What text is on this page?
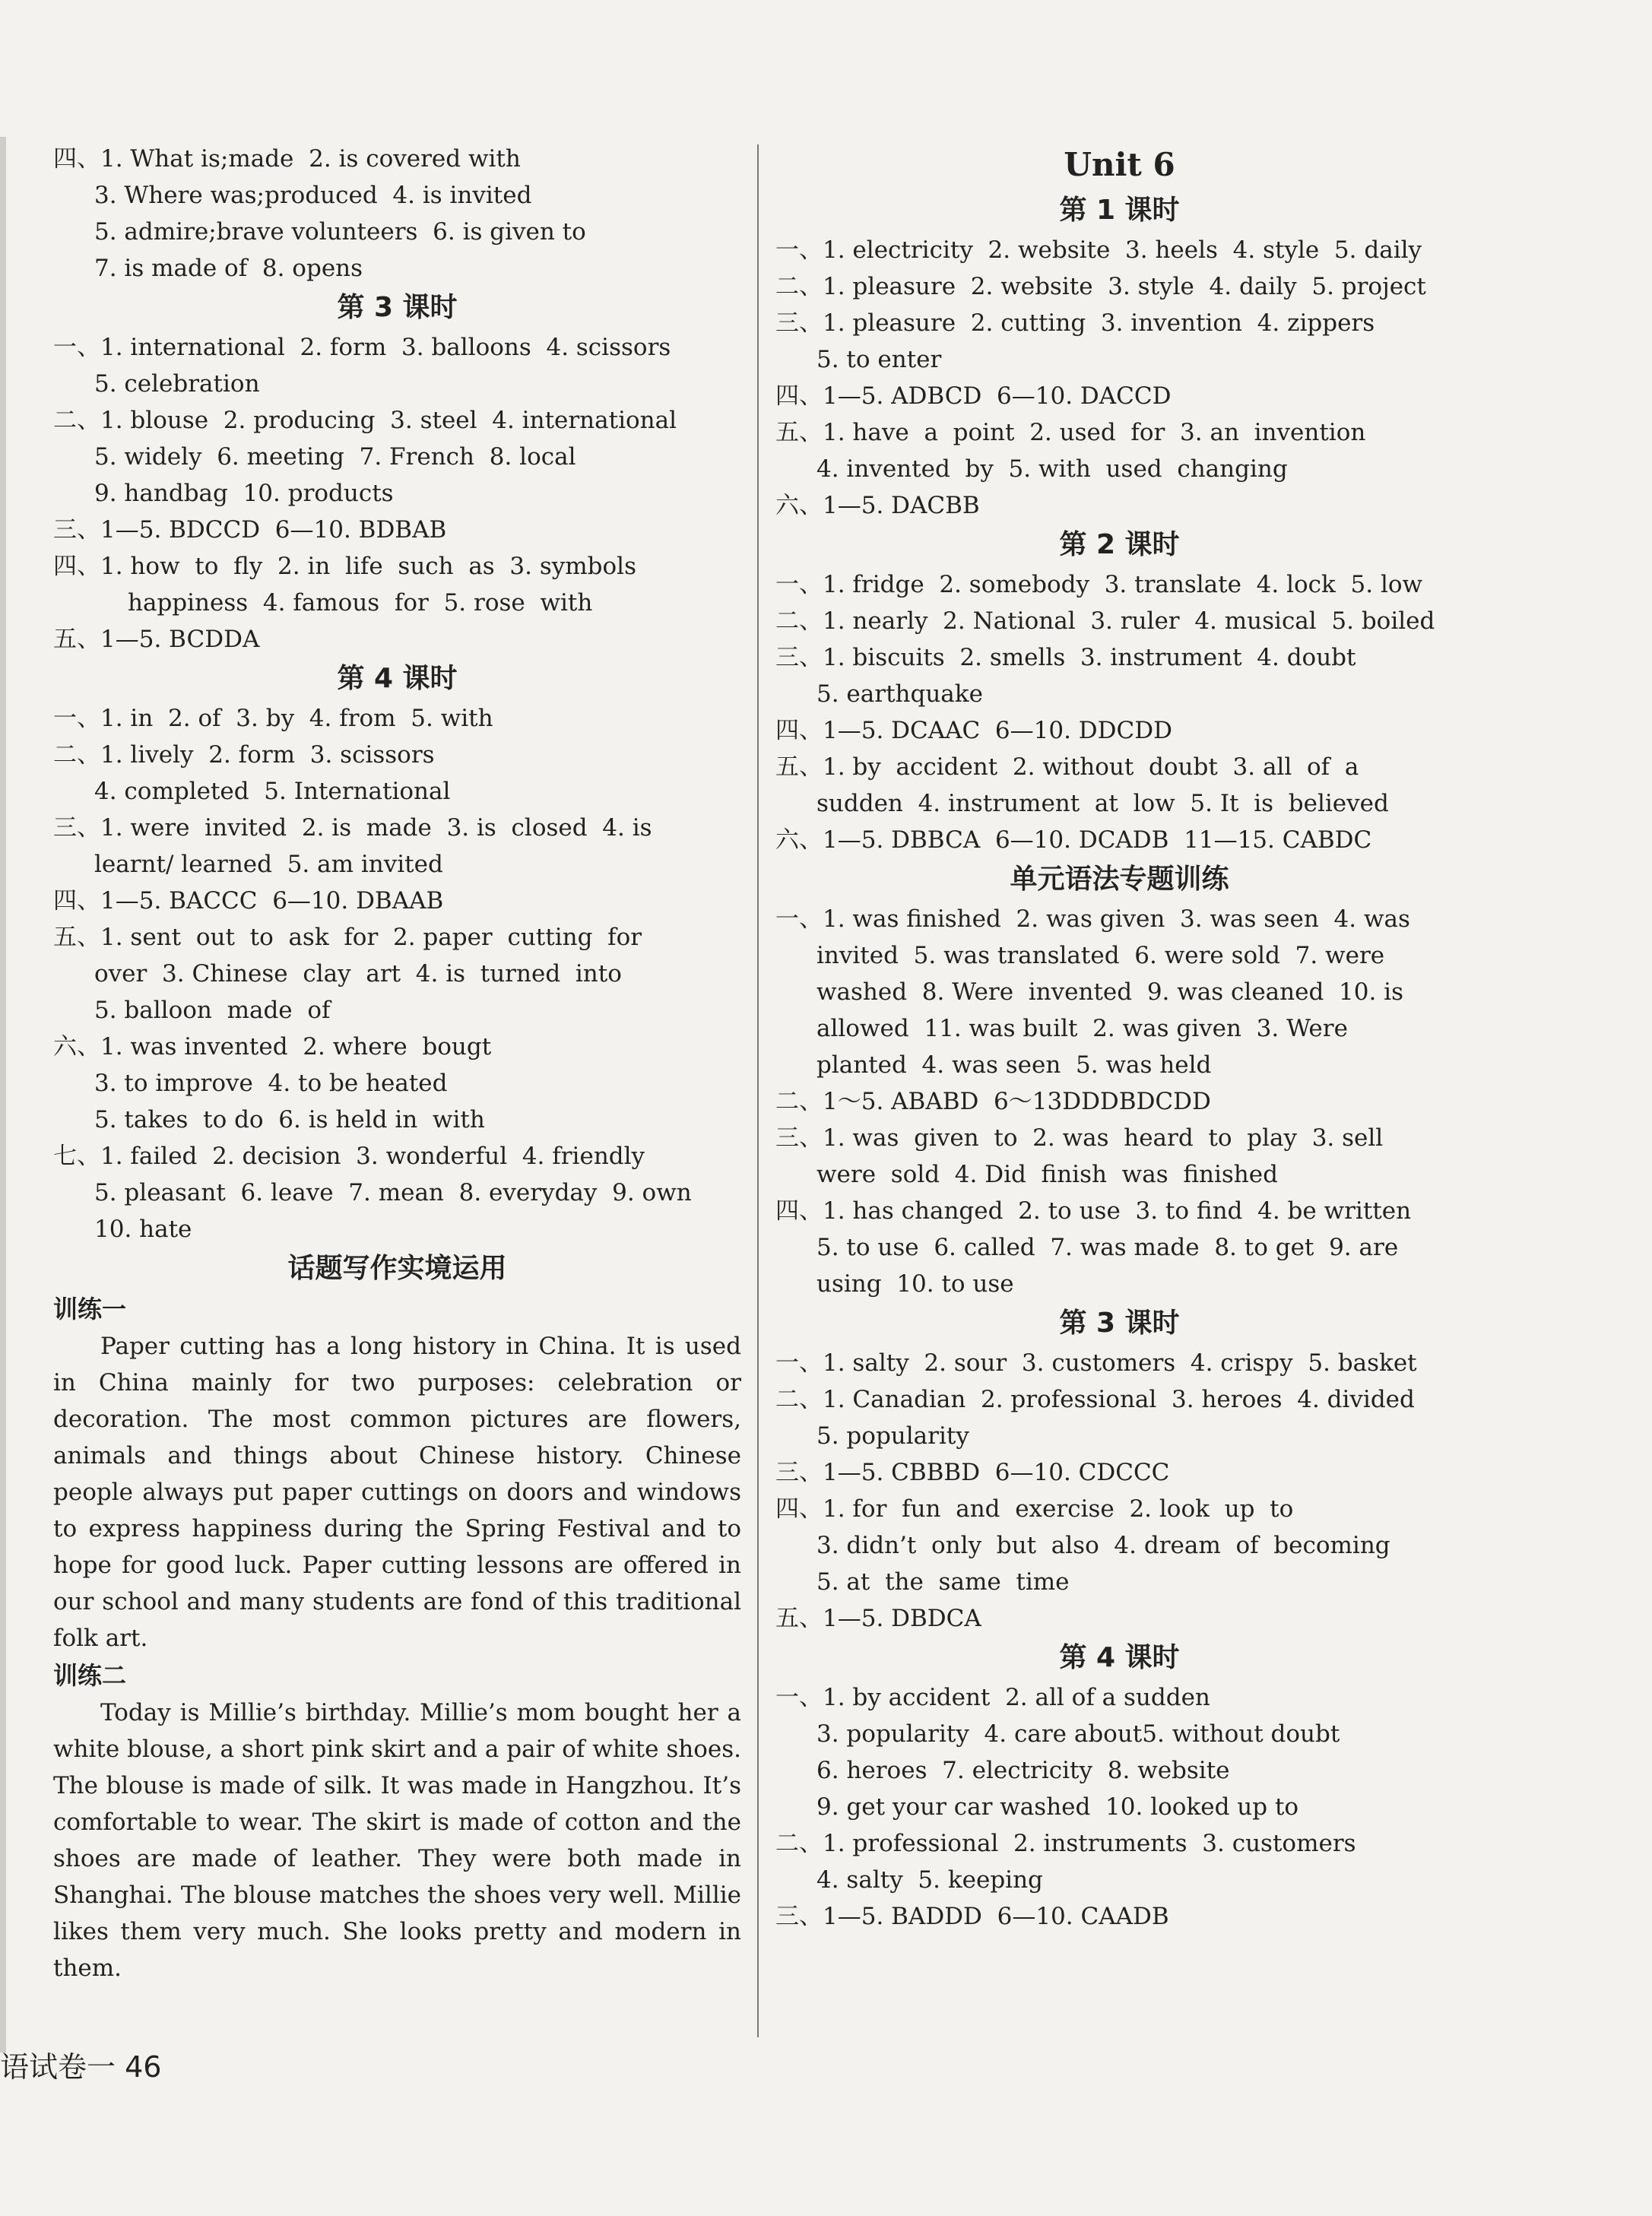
四、1. What is;made  2. is covered with
3. Where was;produced  4. is invited
5. admire;brave volunteers  6. is given to
7. is made of  8. opens
第 3 课时
一、1. international  2. form  3. balloons  4. scissors
5. celebration
二、1. blouse  2. producing  3. steel  4. international
5. widely  6. meeting  7. French  8. local
9. handbag  10. products
三、1—5. BDCCD  6—10. BDBAB
四、1. how  to  fly  2. in  life  such  as  3. symbols
happiness  4. famous  for  5. rose  with
五、1—5. BCDDA
第 4 课时
一、1. in  2. of  3. by  4. from  5. with
二、1. lively  2. form  3. scissors
4. completed  5. International
三、1. were  invited  2. is  made  3. is  closed  4. is
learnt/ learned  5. am invited
四、1—5. BACCC  6—10. DBAAB
五、1. sent  out  to  ask  for  2. paper  cutting  for
over  3. Chinese  clay  art  4. is  turned  into
5. balloon  made  of
六、1. was invented  2. where  bougt
3. to improve  4. to be heated
5. takes  to do  6. is held in  with
七、1. failed  2. decision  3. wonderful  4. friendly
5. pleasant  6. leave  7. mean  8. everyday  9. own
10. hate
话题写作实境运用
训练一

Paper cutting has a long history in China. It is used in China mainly for two purposes: celebration or decoration. The most common pictures are flowers, animals and things about Chinese history. Chinese people always put paper cuttings on doors and windows to express happiness during the Spring Festival and to hope for good luck. Paper cutting lessons are offered in our school and many students are fond of this traditional folk art.

训练二

Today is Millie’s birthday. Millie’s mom bought her a white blouse, a short pink skirt and a pair of white shoes. The blouse is made of silk. It was made in Hangzhou. It’s comfortable to wear. The skirt is made of cotton and the shoes are made of leather. They were both made in Shanghai. The blouse matches the shoes very well. Millie likes them very much. She looks pretty and modern in them.

Unit 6
第 1 课时
一、1. electricity  2. website  3. heels  4. style  5. daily
二、1. pleasure  2. website  3. style  4. daily  5. project
三、1. pleasure  2. cutting  3. invention  4. zippers
5. to enter
四、1—5. ADBCD  6—10. DACCD
五、1. have  a  point  2. used  for  3. an  invention
4. invented  by  5. with  used  changing
六、1—5. DACBB
第 2 课时
一、1. fridge  2. somebody  3. translate  4. lock  5. low
二、1. nearly  2. National  3. ruler  4. musical  5. boiled
三、1. biscuits  2. smells  3. instrument  4. doubt
5. earthquake
四、1—5. DCAAC  6—10. DDCDD
五、1. by  accident  2. without  doubt  3. all  of  a
sudden  4. instrument  at  low  5. It  is  believed
六、1—5. DBBCA  6—10. DCADB  11—15. CABDC
单元语法专题训练
一、1. was finished  2. was given  3. was seen  4. was
invited  5. was translated  6. were sold  7. were
washed  8. Were  invented  9. was cleaned  10. is
allowed  11. was built  2. was given  3. Were
planted  4. was seen  5. was held
二、1～5. ABABD  6～13DDDBDCDD
三、1. was  given  to  2. was  heard  to  play  3. sell
were  sold  4. Did  finish  was  finished
四、1. has changed  2. to use  3. to find  4. be written
5. to use  6. called  7. was made  8. to get  9. are
using  10. to use
第 3 课时
一、1. salty  2. sour  3. customers  4. crispy  5. basket
二、1. Canadian  2. professional  3. heroes  4. divided
5. popularity
三、1—5. CBBBD  6—10. CDCCC
四、1. for  fun  and  exercise  2. look  up  to
3. didn’t  only  but  also  4. dream  of  becoming
5. at  the  same  time
五、1—5. DBDCA
第 4 课时
一、1. by accident  2. all of a sudden
3. popularity  4. care about5. without doubt
6. heroes  7. electricity  8. website
9. get your car washed  10. looked up to
二、1. professional  2. instruments  3. customers
4. salty  5. keeping
三、1—5. BADDD  6—10. CAADB
语试卷一 46
